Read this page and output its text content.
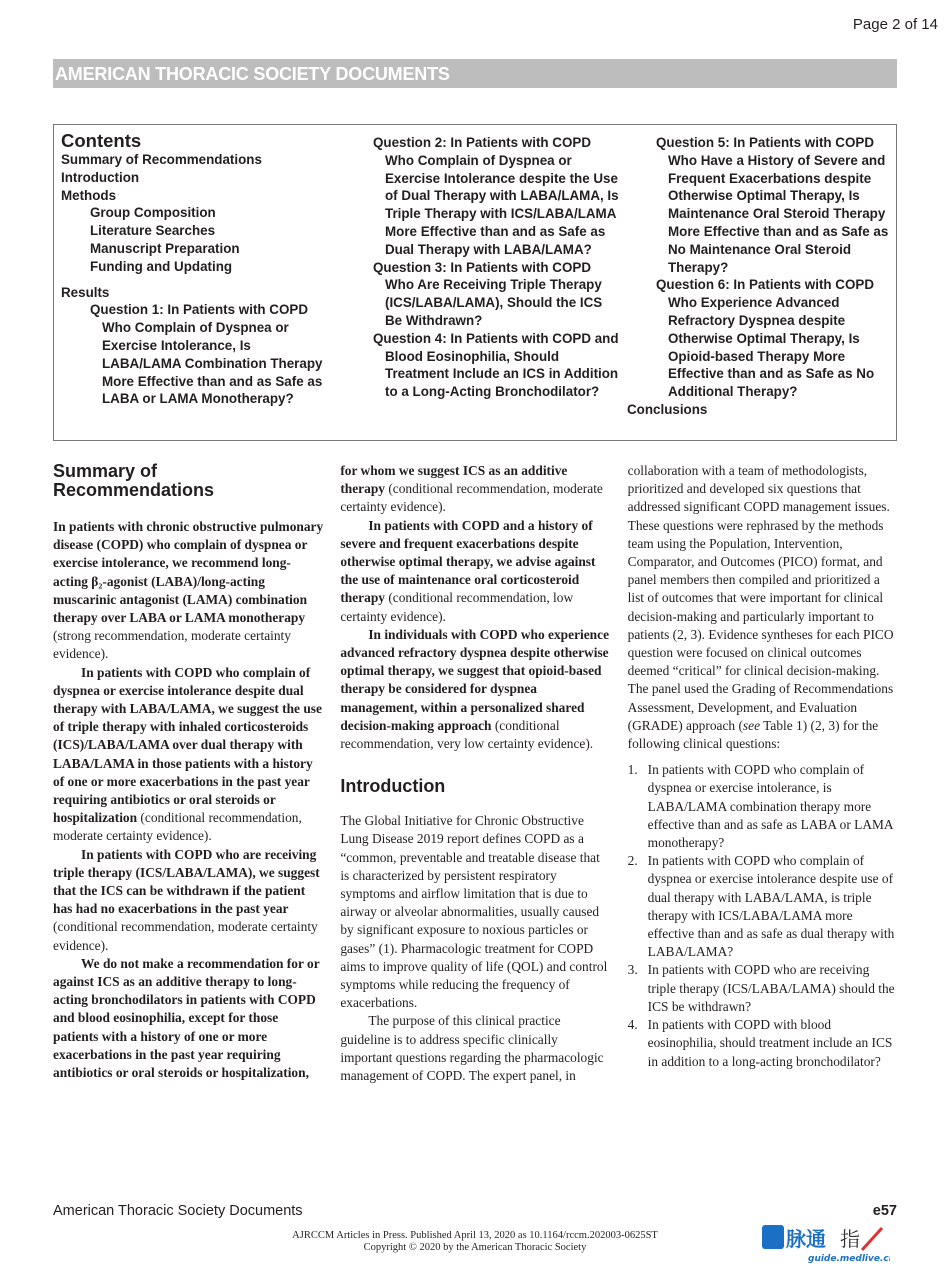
Page 2 of 14
AMERICAN THORACIC SOCIETY DOCUMENTS
Contents
Summary of Recommendations
Introduction
Methods
Group Composition
Literature Searches
Manuscript Preparation
Funding and Updating
Results
Question 1: In Patients with COPD Who Complain of Dyspnea or Exercise Intolerance, Is LABA/LAMA Combination Therapy More Effective than and as Safe as LABA or LAMA Monotherapy?
Question 2: In Patients with COPD Who Complain of Dyspnea or Exercise Intolerance despite the Use of Dual Therapy with LABA/LAMA, Is Triple Therapy with ICS/LABA/LAMA More Effective than and as Safe as Dual Therapy with LABA/LAMA?
Question 3: In Patients with COPD Who Are Receiving Triple Therapy (ICS/LABA/LAMA), Should the ICS Be Withdrawn?
Question 4: In Patients with COPD and Blood Eosinophilia, Should Treatment Include an ICS in Addition to a Long-Acting Bronchodilator?
Question 5: In Patients with COPD Who Have a History of Severe and Frequent Exacerbations despite Otherwise Optimal Therapy, Is Maintenance Oral Steroid Therapy More Effective than and as Safe as No Maintenance Oral Steroid Therapy?
Question 6: In Patients with COPD Who Experience Advanced Refractory Dyspnea despite Otherwise Optimal Therapy, Is Opioid-based Therapy More Effective than and as Safe as No Additional Therapy?
Conclusions
Summary of Recommendations

In patients with chronic obstructive pulmonary disease (COPD) who complain of dyspnea or exercise intolerance, we recommend long-acting β₂-agonist (LABA)/long-acting muscarinic antagonist (LAMA) combination therapy over LABA or LAMA monotherapy (strong recommendation, moderate certainty evidence).

In patients with COPD who complain of dyspnea or exercise intolerance despite dual therapy with LABA/LAMA, we suggest the use of triple therapy with inhaled corticosteroids (ICS)/LABA/LAMA over dual therapy with LABA/LAMA in those patients with a history of one or more exacerbations in the past year requiring antibiotics or oral steroids or hospitalization (conditional recommendation, moderate certainty evidence).

In patients with COPD who are receiving triple therapy (ICS/LABA/LAMA), we suggest that the ICS can be withdrawn if the patient has had no exacerbations in the past year (conditional recommendation, moderate certainty evidence).

We do not make a recommendation for or against ICS as an additive therapy to long-acting bronchodilators in patients with COPD and blood eosinophilia, except for those patients with a history of one or more exacerbations in the past year requiring antibiotics or oral steroids or hospitalization, for whom we suggest ICS as an additive therapy (conditional recommendation, moderate certainty evidence).

In patients with COPD and a history of severe and frequent exacerbations despite otherwise optimal therapy, we advise against the use of maintenance oral corticosteroid therapy (conditional recommendation, low certainty evidence).

In individuals with COPD who experience advanced refractory dyspnea despite otherwise optimal therapy, we suggest that opioid-based therapy be considered for dyspnea management, within a personalized shared decision-making approach (conditional recommendation, very low certainty evidence).

Introduction

The Global Initiative for Chronic Obstructive Lung Disease 2019 report defines COPD as a “common, preventable and treatable disease that is characterized by persistent respiratory symptoms and airflow limitation that is due to airway or alveolar abnormalities, usually caused by significant exposure to noxious particles or gases” (1). Pharmacologic treatment for COPD aims to improve quality of life (QOL) and control symptoms while reducing the frequency of exacerbations.

The purpose of this clinical practice guideline is to address specific clinically important questions regarding the pharmacologic management of COPD. The expert panel, in collaboration with a team of methodologists, prioritized and developed six questions that addressed significant COPD management issues. These questions were rephrased by the methods team using the Population, Intervention, Comparator, and Outcomes (PICO) format, and panel members then compiled and prioritized a list of outcomes that were important for clinical decision-making and particularly important to patients (2, 3). Evidence syntheses for each PICO question were focused on clinical outcomes deemed “critical” for clinical decision-making. The panel used the Grading of Recommendations Assessment, Development, and Evaluation (GRADE) approach (see Table 1) (2, 3) for the following clinical questions:

1. In patients with COPD who complain of dyspnea or exercise intolerance, is LABA/LAMA combination therapy more effective than and as safe as LABA or LAMA monotherapy?
2. In patients with COPD who complain of dyspnea or exercise intolerance despite use of dual therapy with LABA/LAMA, is triple therapy with ICS/LABA/LAMA more effective than and as safe as dual therapy with LABA/LAMA?
3. In patients with COPD who are receiving triple therapy (ICS/LABA/LAMA) should the ICS be withdrawn?
4. In patients with COPD with blood eosinophilia, should treatment include an ICS in addition to a long-acting bronchodilator?
American Thoracic Society Documents	e57
AJRCCM Articles in Press. Published April 13, 2020 as 10.1164/rccm.202003-0625ST
Copyright © 2020 by the American Thoracic Society	脉通 指
guide.medlive.cn
